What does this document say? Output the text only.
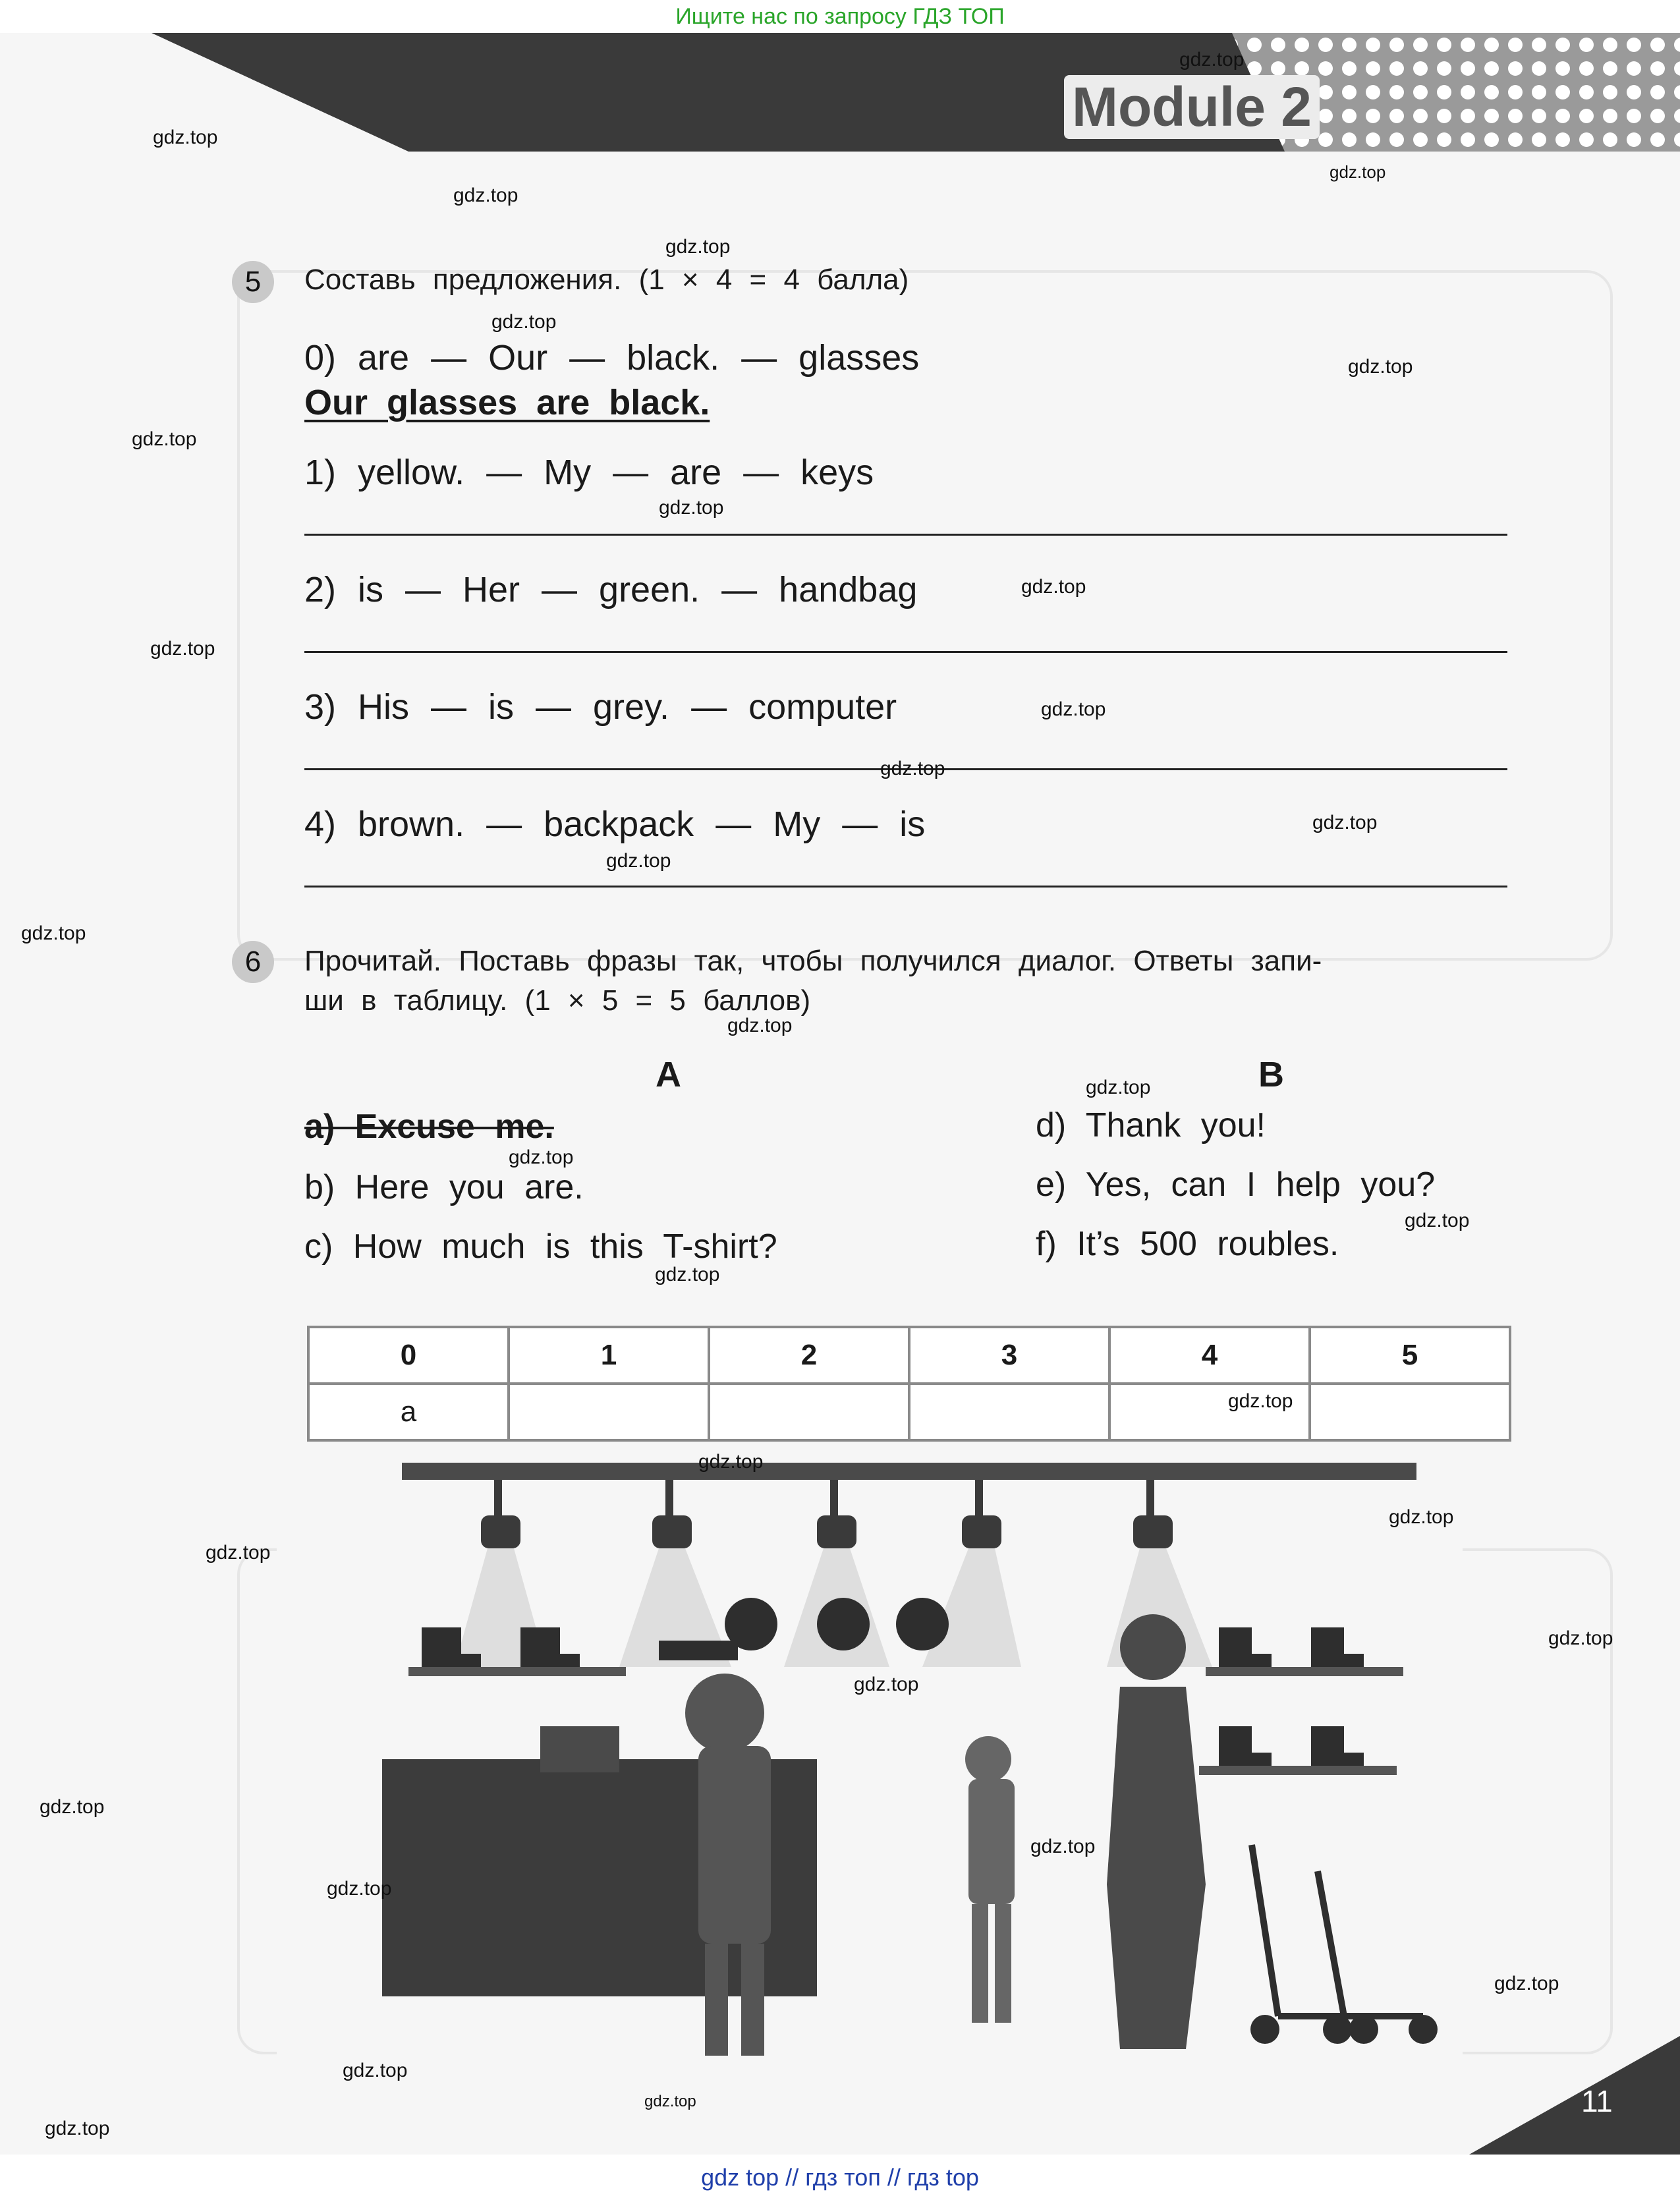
Ищите нас по запросу ГДЗ ТОП
Module 2
5	Составь предложения. (1 × 4 = 4 балла)
0) are — Our — black. — glasses
Our glasses are black.
1) yellow. — My — are — keys
2) is — Her — green. — handbag
3) His — is — grey. — computer
4) brown. — backpack — My — is
6	Прочитай. Поставь фразы так, чтобы получился диалог. Ответы запи-
ши в таблицу. (1 × 5 = 5 баллов)
A	B
a) Excuse me.
b) Here you are.
c) How much is this T-shirt?
d) Thank you!
e) Yes, can I help you?
f) It’s 500 roubles.
0	1	2	3	4	5
a					
11
gdz.top
gdz.top
gdz.top
gdz.top
gdz.top
gdz.top
gdz.top
gdz.top
gdz.top
gdz.top
gdz.top
gdz.top
gdz.top
gdz.top
gdz.top
gdz.top
gdz.top
gdz.top
gdz.top
gdz.top
gdz.top
gdz.top
gdz.top
gdz.top
gdz.top
gdz.top
gdz.top
gdz.top
gdz.top
gdz.top
gdz.top
gdz.top
gdz.top
gdz.top
gdz top // гдз топ // гдз top
